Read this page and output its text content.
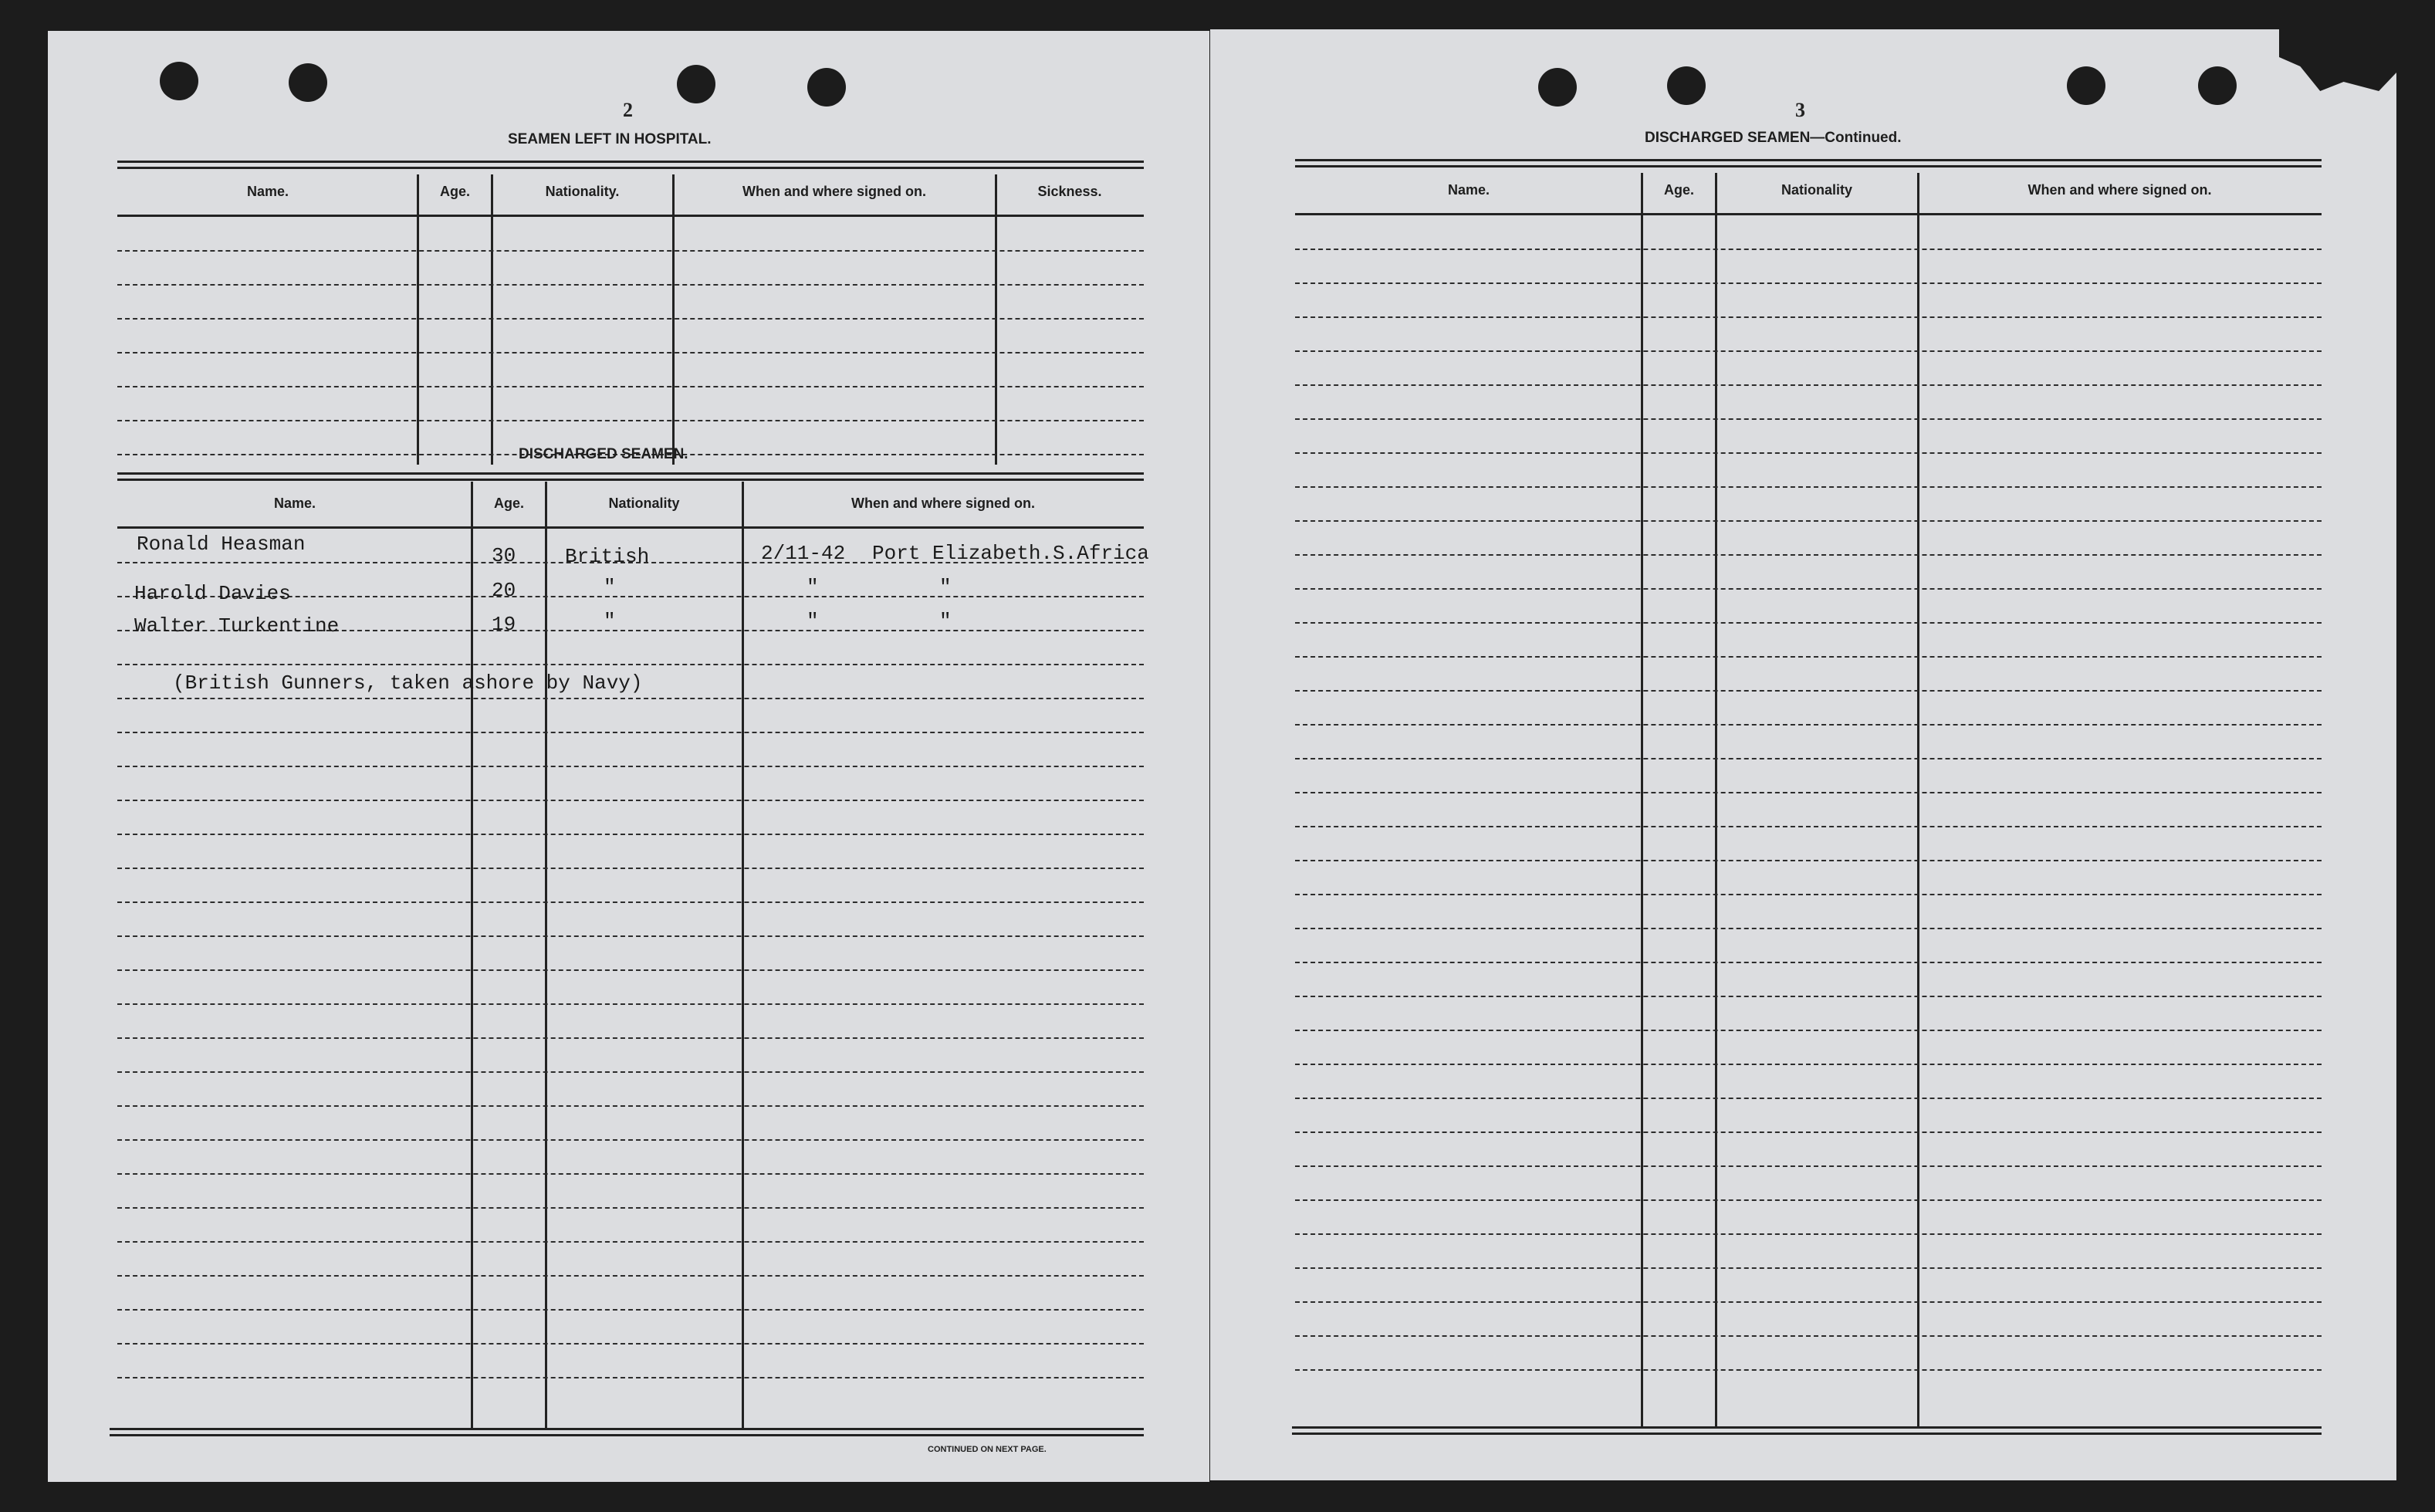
2
SEAMEN LEFT IN HOSPITAL.
Name.	Age.	Nationality.	When and where signed on.	Sickness.
DISCHARGED SEAMEN.
Name.	Age.	Nationality	When and where signed on.
Ronald Heasman	30 British	2/11-42 Port Elizabeth.S.Africa
Harold Davies	20	"	"	"
Walter Turkentine	19	"	"	"
(British Gunners, taken ashore by Navy)
CONTINUED ON NEXT PAGE.
3
DISCHARGED SEAMEN—Continued.
Name.	Age.	Nationality	When and where signed on.
